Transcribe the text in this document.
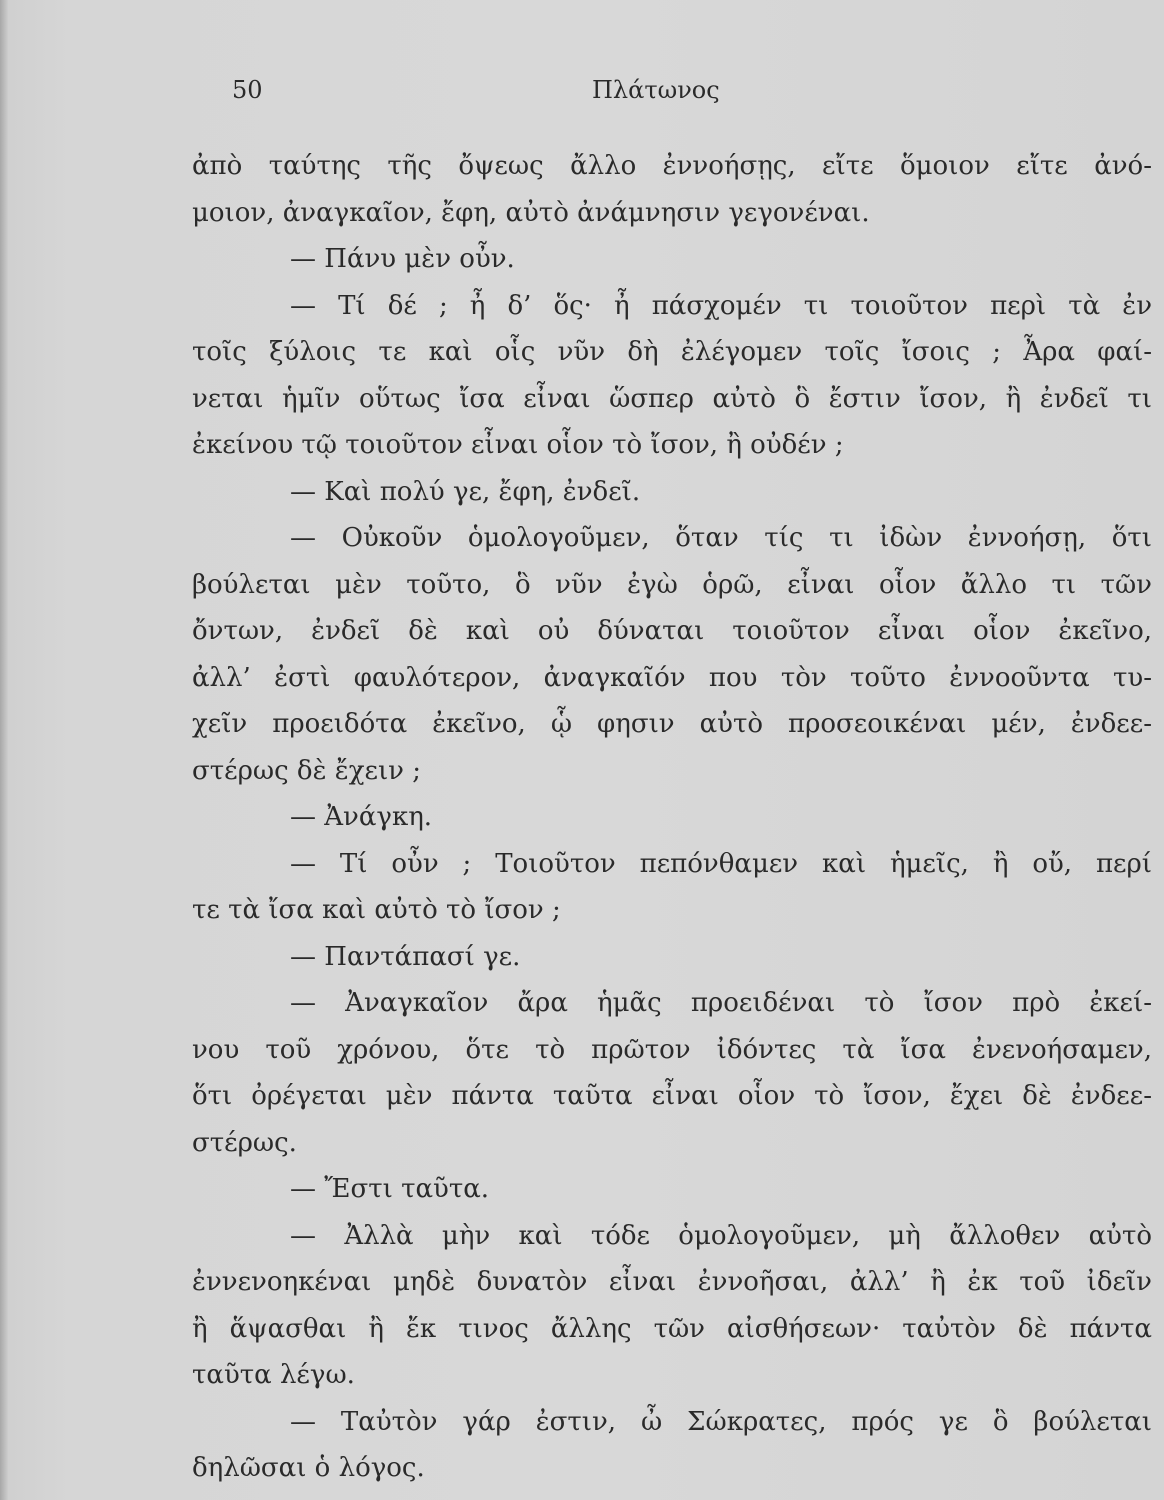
50	Πλάτωνος
ἀπὸ ταύτης τῆς ὄψεως ἄλλο ἐννοήσῃς, εἴτε ὅμοιον εἴτε ἀνό-
μοιον, ἀναγκαῖον, ἔφη, αὐτὸ ἀνάμνησιν γεγονέναι.
— Πάνυ μὲν οὖν.
— Τί δέ ; ἦ δ’ ὅς· ἦ πάσχομέν τι τοιοῦτον περὶ τὰ ἐν
τοῖς ξύλοις τε καὶ οἷς νῦν δὴ ἐλέγομεν τοῖς ἴσοις ; Ἆρα φαί-
νεται ἡμῖν οὕτως ἴσα εἶναι ὥσπερ αὐτὸ ὃ ἔστιν ἴσον, ἢ ἐνδεῖ τι
ἐκείνου τῷ τοιοῦτον εἶναι οἷον τὸ ἴσον, ἢ οὐδέν ;
— Καὶ πολύ γε, ἔφη, ἐνδεῖ.
— Οὐκοῦν ὁμολογοῦμεν, ὅταν τίς τι ἰδὼν ἐννοήσῃ, ὅτι
βούλεται μὲν τοῦτο, ὃ νῦν ἐγὼ ὁρῶ, εἶναι οἷον ἄλλο τι τῶν
ὄντων, ἐνδεῖ δὲ καὶ οὐ δύναται τοιοῦτον εἶναι οἷον ἐκεῖνο,
ἀλλ’ ἐστὶ φαυλότερον, ἀναγκαῖόν που τὸν τοῦτο ἐννοοῦντα τυ-
χεῖν προειδότα ἐκεῖνο, ᾧ φησιν αὐτὸ προσεοικέναι μέν, ἐνδεε-
στέρως δὲ ἔχειν ;
— Ἀνάγκη.
— Τί οὖν ; Τοιοῦτον πεπόνθαμεν καὶ ἡμεῖς, ἢ οὔ, περί
τε τὰ ἴσα καὶ αὐτὸ τὸ ἴσον ;
— Παντάπασί γε.
— Ἀναγκαῖον ἄρα ἡμᾶς προειδέναι τὸ ἴσον πρὸ ἐκεί-
νου τοῦ χρόνου, ὅτε τὸ πρῶτον ἰδόντες τὰ ἴσα ἐνενοήσαμεν,
ὅτι ὀρέγεται μὲν πάντα ταῦτα εἶναι οἷον τὸ ἴσον, ἔχει δὲ ἐνδεε-
στέρως.
— Ἔστι ταῦτα.
— Ἀλλὰ μὴν καὶ τόδε ὁμολογοῦμεν, μὴ ἄλλοθεν αὐτὸ
ἐννενοηκέναι μηδὲ δυνατὸν εἶναι ἐννοῆσαι, ἀλλ’ ἢ ἐκ τοῦ ἰδεῖν
ἢ ἅψασθαι ἢ ἔκ τινος ἄλλης τῶν αἰσθήσεων· ταὐτὸν δὲ πάντα
ταῦτα λέγω.
— Ταὐτὸν γάρ ἐστιν, ὦ Σώκρατες, πρός γε ὃ βούλεται
δηλῶσαι ὁ λόγος.
